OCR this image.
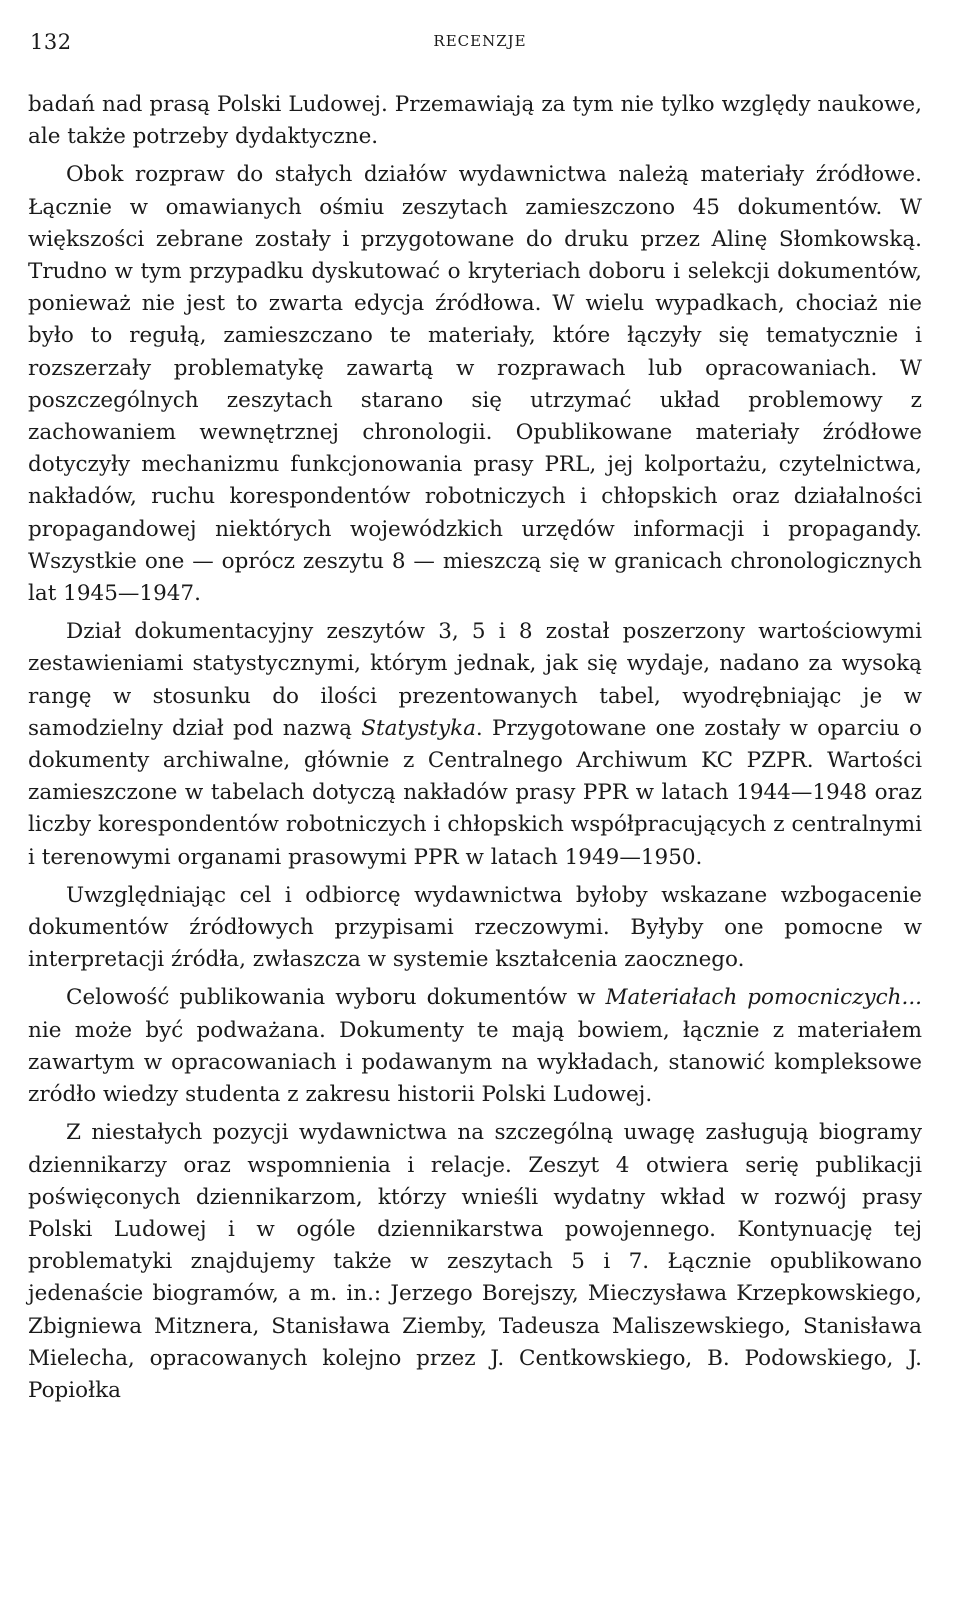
132	RECENZJE

badań nad prasą Polski Ludowej. Przemawiają za tym nie tylko względy naukowe, ale także potrzeby dydaktyczne.

Obok rozpraw do stałych działów wydawnictwa należą materiały źródłowe. Łącznie w omawianych ośmiu zeszytach zamieszczono 45 dokumentów. W większości zebrane zostały i przygotowane do druku przez Alinę Słomkowską. Trudno w tym przypadku dyskutować o kryteriach doboru i selekcji dokumentów, ponieważ nie jest to zwarta edycja źródłowa. W wielu wypadkach, chociaż nie było to regułą, zamieszczano te materiały, które łączyły się tematycznie i rozszerzały problematykę zawartą w rozprawach lub opracowaniach. W poszczególnych zeszytach starano się utrzymać układ problemowy z zachowaniem wewnętrznej chronologii. Opublikowane materiały źródłowe dotyczyły mechanizmu funkcjonowania prasy PRL, jej kolportażu, czytelnictwa, nakładów, ruchu korespondentów robotniczych i chłopskich oraz działalności propagandowej niektórych wojewódzkich urzędów informacji i propagandy. Wszystkie one — oprócz zeszytu 8 — mieszczą się w granicach chronologicznych lat 1945—1947.

Dział dokumentacyjny zeszytów 3, 5 i 8 został poszerzony wartościowymi zestawieniami statystycznymi, którym jednak, jak się wydaje, nadano za wysoką rangę w stosunku do ilości prezentowanych tabel, wyodrębniając je w samodzielny dział pod nazwą Statystyka. Przygotowane one zostały w oparciu o dokumenty archiwalne, głównie z Centralnego Archiwum KC PZPR. Wartości zamieszczone w tabelach dotyczą nakładów prasy PPR w latach 1944—1948 oraz liczby korespondentów robotniczych i chłopskich współpracujących z centralnymi i terenowymi organami prasowymi PPR w latach 1949—1950.

Uwzględniając cel i odbiorcę wydawnictwa byłoby wskazane wzbogacenie dokumentów źródłowych przypisami rzeczowymi. Byłyby one pomocne w interpretacji źródła, zwłaszcza w systemie kształcenia zaocznego.

Celowość publikowania wyboru dokumentów w Materiałach pomocniczych... nie może być podważana. Dokumenty te mają bowiem, łącznie z materiałem zawartym w opracowaniach i podawanym na wykładach, stanowić kompleksowe zródło wiedzy studenta z zakresu historii Polski Ludowej.

Z niestałych pozycji wydawnictwa na szczególną uwagę zasługują biogramy dziennikarzy oraz wspomnienia i relacje. Zeszyt 4 otwiera serię publikacji poświęconych dziennikarzom, którzy wnieśli wydatny wkład w rozwój prasy Polski Ludowej i w ogóle dziennikarstwa powojennego. Kontynuację tej problematyki znajdujemy także w zeszytach 5 i 7. Łącznie opublikowano jedenaście biogramów, a m. in.: Jerzego Borejszy, Mieczysława Krzepkowskiego, Zbigniewa Mitznera, Stanisława Ziemby, Tadeusza Maliszewskiego, Stanisława Mielecha, opracowanych kolejno przez J. Centkowskiego, B. Podowskiego, J. Popiołka
